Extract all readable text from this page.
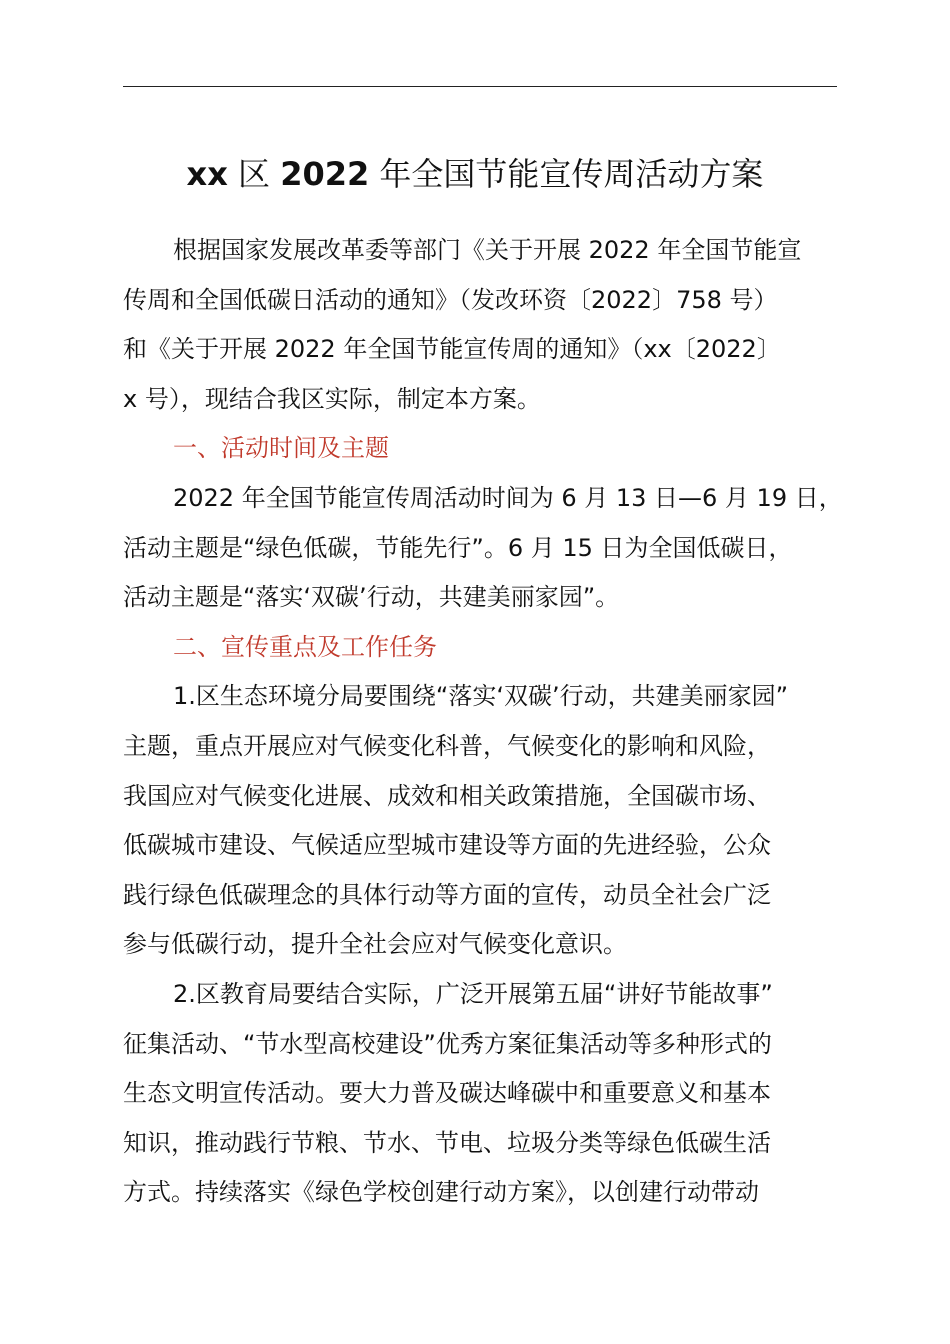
xx 区 2022 年全国节能宣传周活动方案
根据国家发展改革委等部门《关于开展 2022 年全国节能宣
传周和全国低碳日活动的通知》（发改环资〔2022〕758 号）
和《关于开展 2022 年全国节能宣传周的通知》（xx〔2022〕
x 号），现结合我区实际，制定本方案。
一、活动时间及主题
2022 年全国节能宣传周活动时间为 6 月 13 日—6 月 19 日，
活动主题是“绿色低碳，节能先行”。6 月 15 日为全国低碳日，
活动主题是“落实‘双碳’行动，共建美丽家园”。
二、宣传重点及工作任务
1.区生态环境分局要围绕“落实‘双碳’行动，共建美丽家园”
主题，重点开展应对气候变化科普，气候变化的影响和风险，
我国应对气候变化进展、成效和相关政策措施，全国碳市场、
低碳城市建设、气候适应型城市建设等方面的先进经验，公众
践行绿色低碳理念的具体行动等方面的宣传，动员全社会广泛
参与低碳行动，提升全社会应对气候变化意识。
2.区教育局要结合实际，广泛开展第五届“讲好节能故事”
征集活动、“节水型高校建设”优秀方案征集活动等多种形式的
生态文明宣传活动。要大力普及碳达峰碳中和重要意义和基本
知识，推动践行节粮、节水、节电、垃圾分类等绿色低碳生活
方式。持续落实《绿色学校创建行动方案》，以创建行动带动
